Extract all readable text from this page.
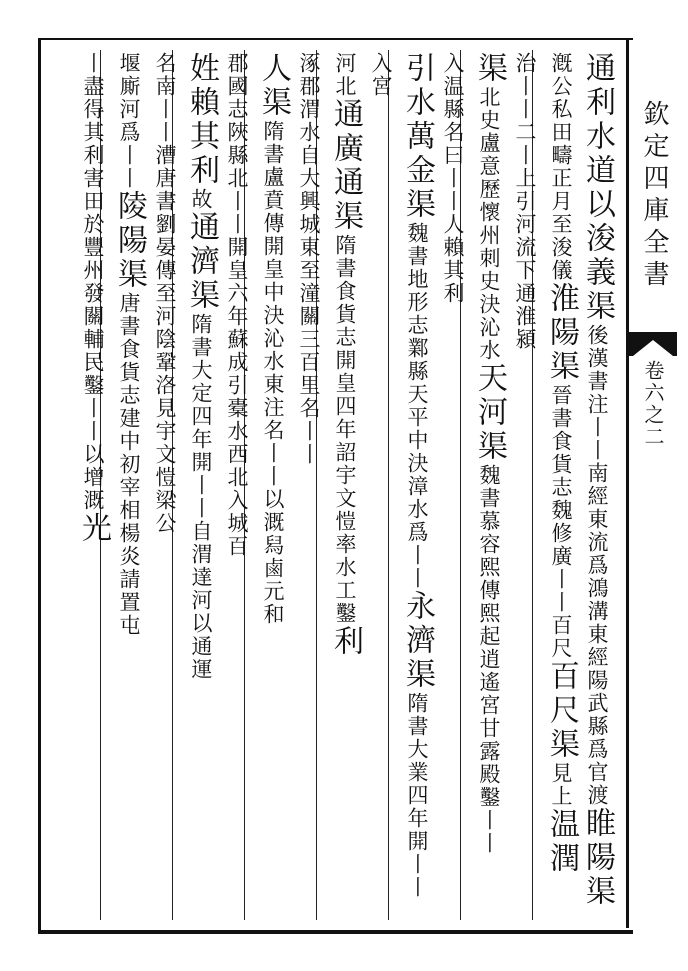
欽定四庫全書
卷六之二
通利水道以浚義渠後漢書注丨丨南經東流爲鴻溝東經陽武縣爲官渡睢陽渠
漑公私田疇正月至浚儀淮陽渠晉書食貨志魏修廣丨丨百尺百尺渠見上温潤
治丨丨二丨上引河流下通淮潁
渠北史盧意歷懷州刺史決沁水天河渠魏書慕容熙傳熙起逍遙宮甘露殿鑿丨丨
入温縣名曰丨丨人賴其利
引水萬金渠魏書地形志鄴縣天平中決漳水爲丨丨永濟渠隋書大業四年開丨丨
入宮
河北通廣通渠隋書食貨志開皇四年詔宇文愷率水工鑿利
涿郡渭水自大興城東至潼關三百里名丨丨
人渠隋書盧賁傳開皇中決沁水東注名丨丨以溉舄鹵元和
郡國志陜縣北丨丨開皇六年蘇成引橐水西北入城百
姓賴其利故通濟渠隋書大定四年開丨丨自渭達河以通運
名南丨丨漕唐書劉晏傳至河陰鞏洛見宇文愷梁公
堰廝河爲丨丨陵陽渠唐書食貨志建中初宰相楊炎請置屯
丨盡得其利害田於豐州發關輔民鑿丨丨以增溉光
